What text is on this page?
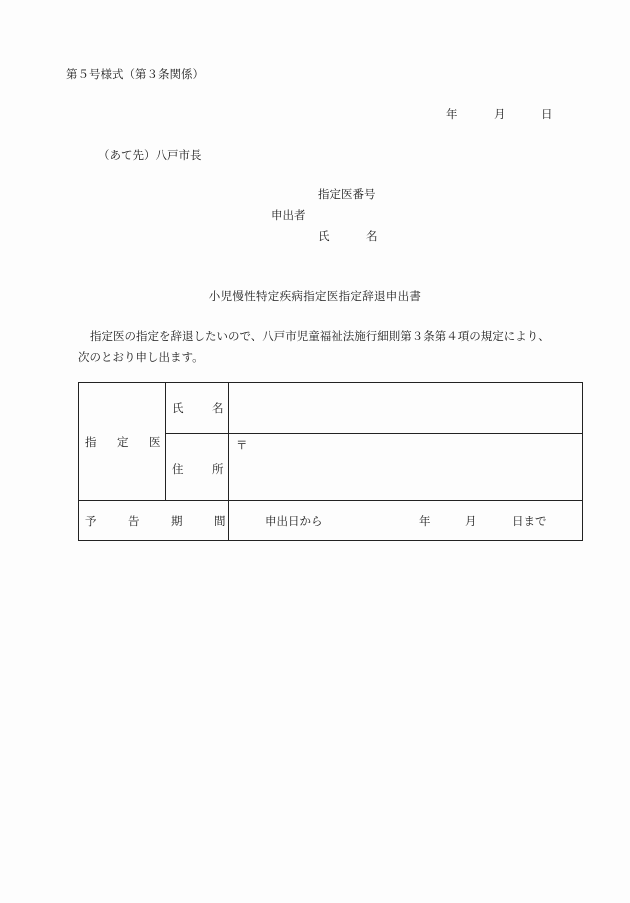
第５号様式（第３条関係）
年	月	日
（あて先）八戸市長
指定医番号
申出者
氏	名
小児慢性特定疾病指定医指定辞退申出書
指定医の指定を辞退したいので、八戸市児童福祉法施行細則第３条第４項の規定により、
次のとおり申し出ます。
指 定 医	氏 名	

	住 所	〒

予 告 期 間		申出日から 年 月 日まで
